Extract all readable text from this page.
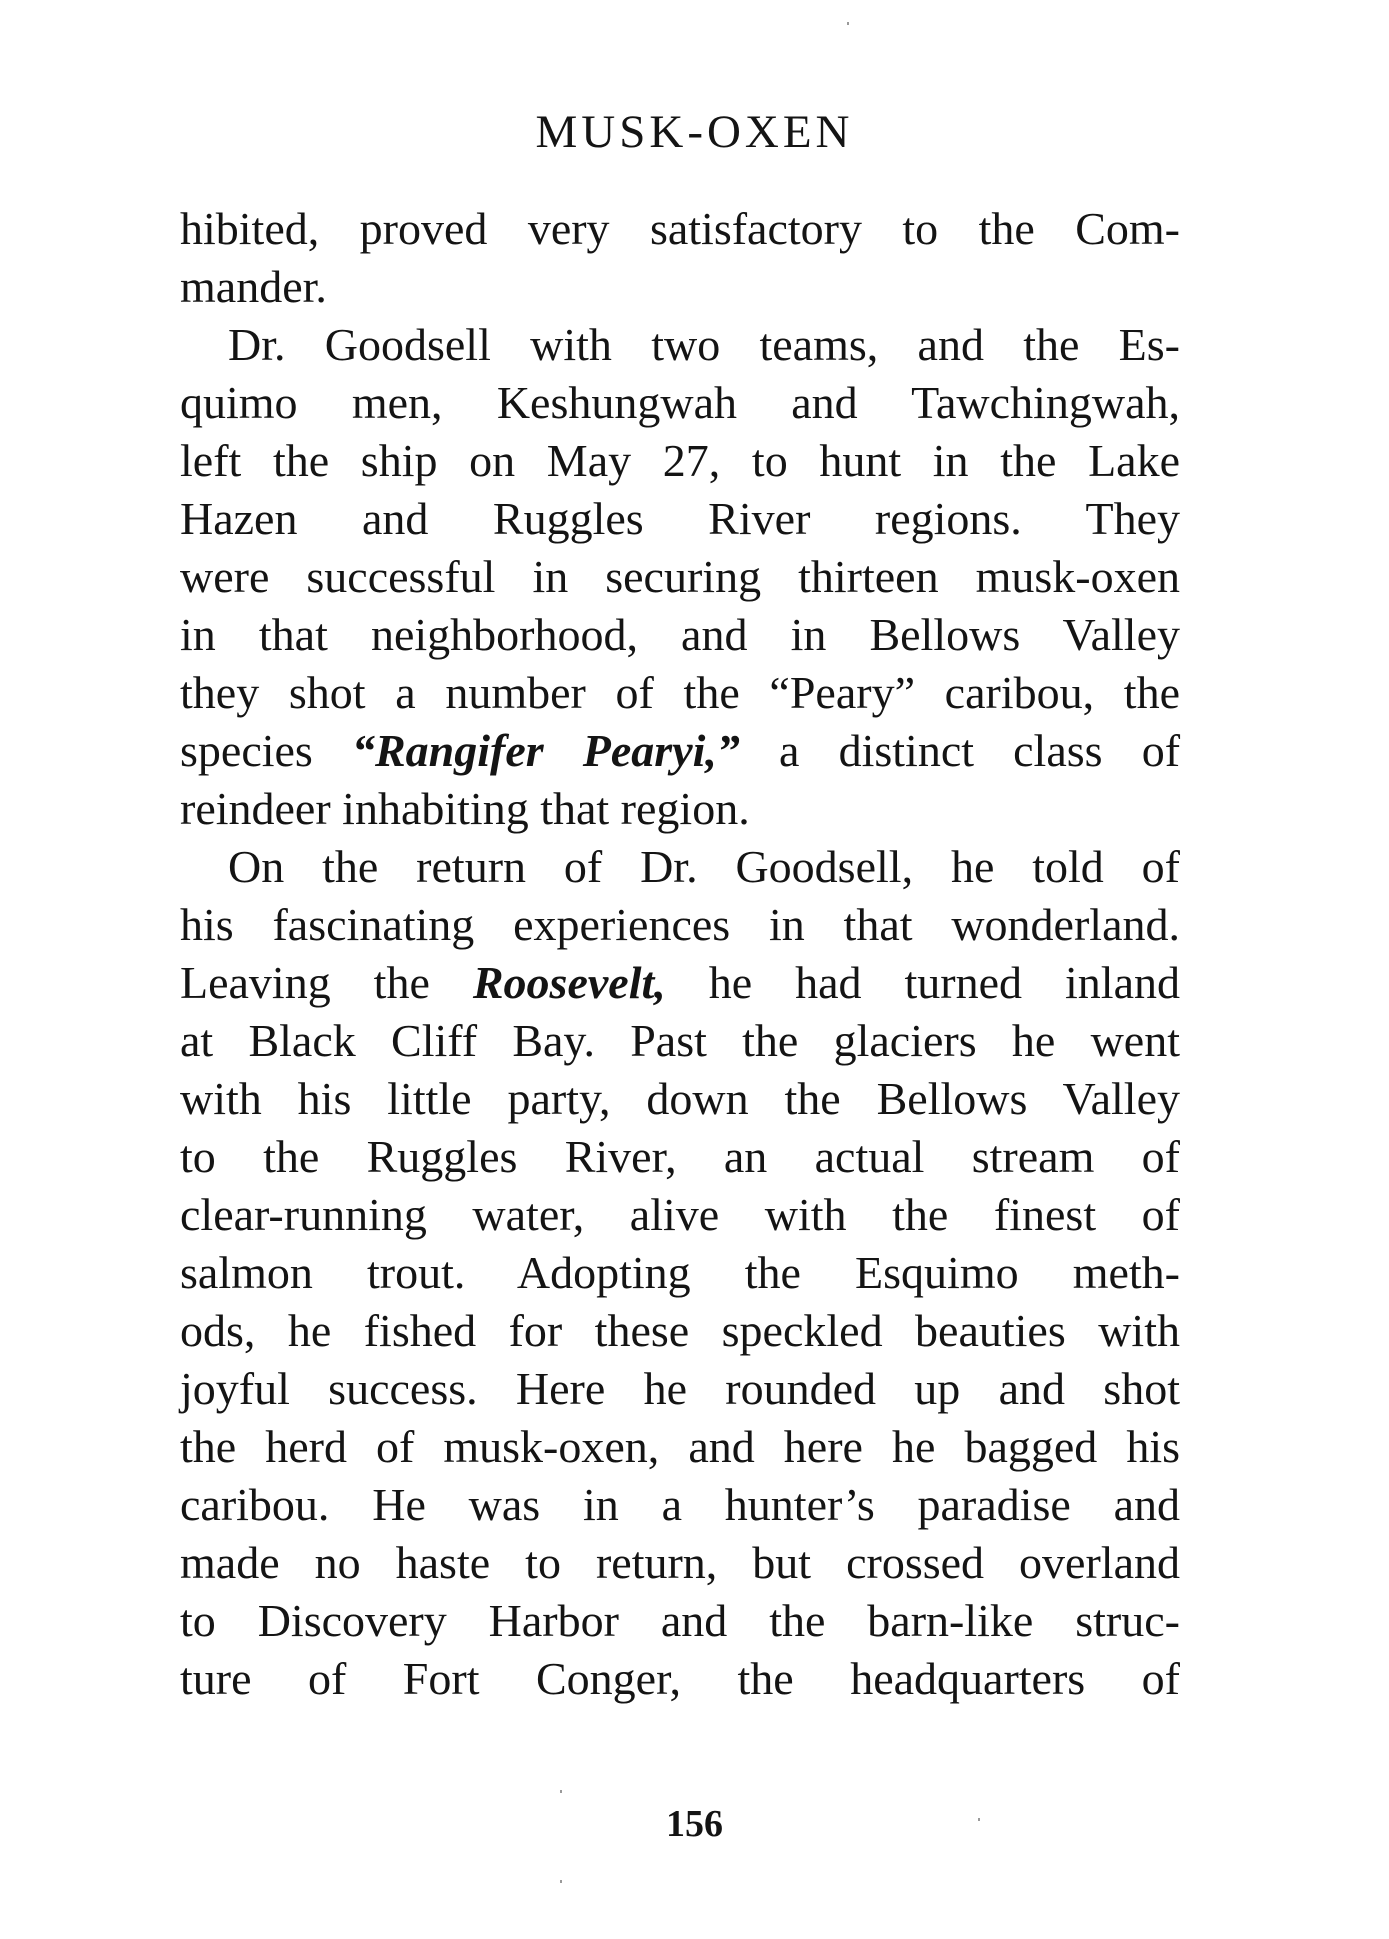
MUSK-OXEN
hibited, proved very satisfactory to the Com-
mander.
Dr. Goodsell with two teams, and the Es-
quimo men, Keshungwah and Tawchingwah,
left the ship on May 27, to hunt in the Lake
Hazen and Ruggles River regions. They
were successful in securing thirteen musk-oxen
in that neighborhood, and in Bellows Valley
they shot a number of the “Peary” caribou, the
species “Rangifer Pearyi,” a distinct class of
reindeer inhabiting that region.
On the return of Dr. Goodsell, he told of
his fascinating experiences in that wonderland.
Leaving the Roosevelt, he had turned inland
at Black Cliff Bay. Past the glaciers he went
with his little party, down the Bellows Valley
to the Ruggles River, an actual stream of
clear-running water, alive with the finest of
salmon trout. Adopting the Esquimo meth-
ods, he fished for these speckled beauties with
joyful success. Here he rounded up and shot
the herd of musk-oxen, and here he bagged his
caribou. He was in a hunter’s paradise and
made no haste to return, but crossed overland
to Discovery Harbor and the barn-like struc-
ture of Fort Conger, the headquarters of
156
